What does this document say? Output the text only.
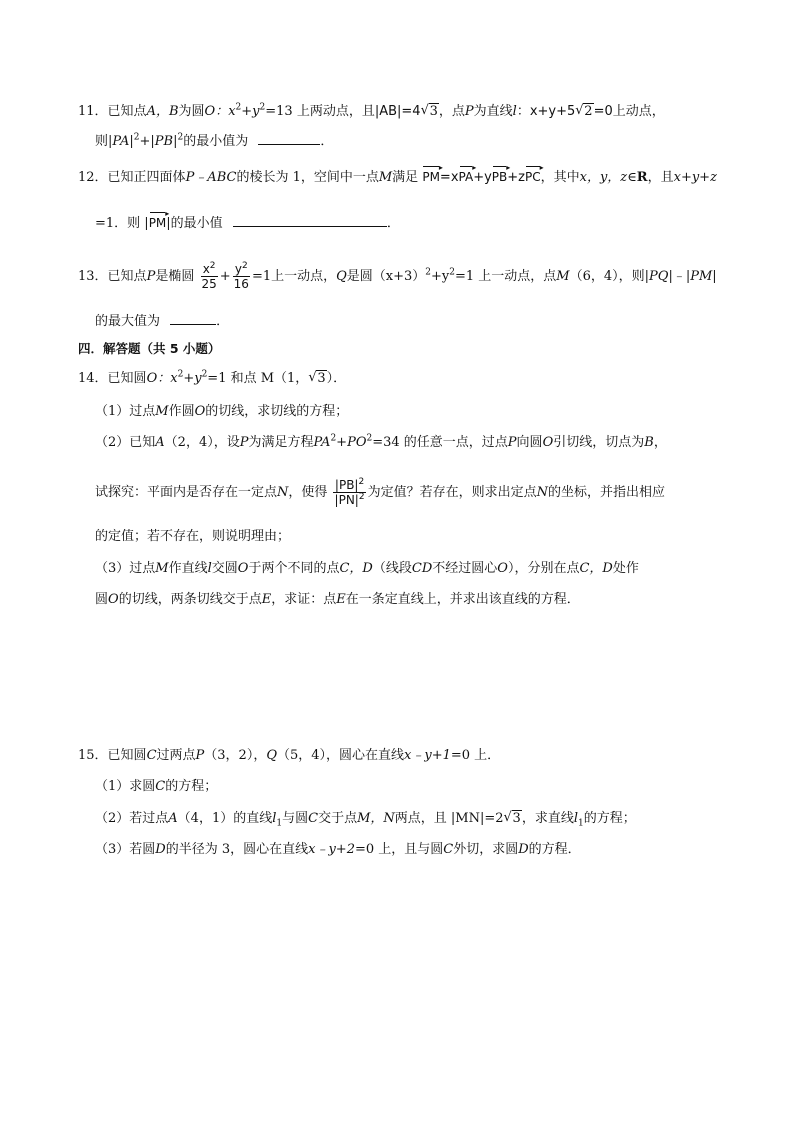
11．已知点A，B为圆O：$x^2+y^2=13$ 上两动点，且|AB|=4 √ 3，点P为直线l：x+y+5 √ 2=0上动点，
则$|PA|^2+|PB|^2$的最小值为	．
12．已知正四面体P﹣ABC的棱长为 1，空间中一点M满足 ▸ PM=x▸ PA+y▸ PB+z▸ PC，其中x，y，z∈R，且x+y+z
=1．则 |▸ PM|的最小值	．
13．已知点P是椭圆 $\frac{x^2}{25} + \frac{y^2}{16} =1$上一动点，Q是圆$(x+3)^2+y^2=1$ 上一动点，点M（6，4），则|PQ|﹣|PM|
的最大值为	．
四．解答题（共 5 小题）
14．已知圆O：$x^2+y^2=1$ 和点 M（1， √ 3）．
（1）过点M作圆O的切线，求切线的方程；
（2）已知A（2，4），设P为满足方程$PA^2+PO^2=34$ 的任意一点，过点P向圆O引切线，切点为B，
试探究：平面内是否存在一定点N，使得 $\frac{|PB|^2}{|PN|^2}$ 为定值？若存在，则求出定点N的坐标，并指出相应
的定值；若不存在，则说明理由；
（3）过点M作直线l交圆O于两个不同的点C，D（线段CD不经过圆心O），分别在点C，D处作
圆O的切线，两条切线交于点E，求证：点E在一条定直线上，并求出该直线的方程．
15．已知圆C过两点P（3，2），Q（5，4），圆心在直线x﹣y+1=0 上．
（1）求圆C的方程；
（2）若过点A（4，1）的直线$l_1$与圆C交于点M，N两点，且 |MN|=2 √ 3，求直线$l_1$的方程；
（3）若圆D的半径为 3，圆心在直线x﹣y+2=0 上，且与圆C外切，求圆D的方程．
